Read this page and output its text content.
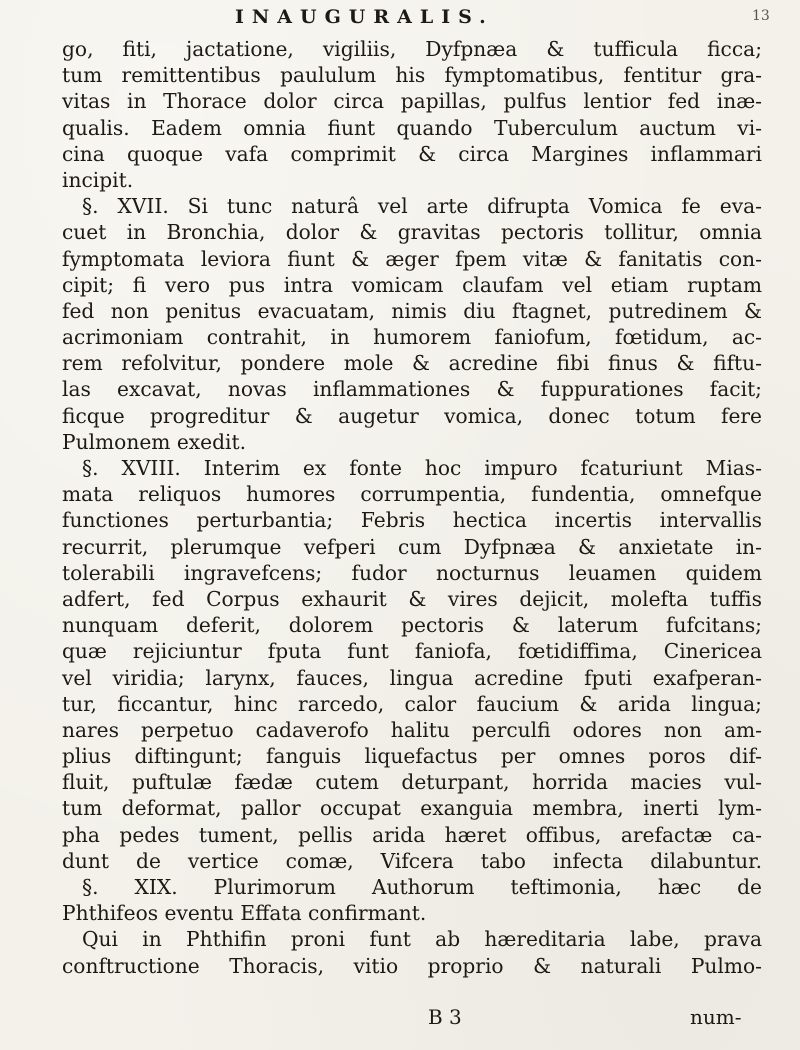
INAUGURALIS.	13
go, fiti, jactatione, vigiliis, Dyfpnæa & tufficula ficca;
tum remittentibus paululum his fymptomatibus, fentitur gra-
vitas in Thorace dolor circa papillas, pulfus lentior fed inæ-
qualis. Eadem omnia fiunt quando Tuberculum auctum vi-
cina quoque vafa comprimit & circa Margines inflammari
incipit.
§. XVII. Si tunc naturâ vel arte difrupta Vomica fe eva-
cuet in Bronchia, dolor & gravitas pectoris tollitur, omnia
fymptomata leviora fiunt & æger fpem vitæ & fanitatis con-
cipit; fi vero pus intra vomicam claufam vel etiam ruptam
fed non penitus evacuatam, nimis diu ftagnet, putredinem &
acrimoniam contrahit, in humorem faniofum, fœtidum, ac-
rem refolvitur, pondere mole & acredine fibi finus & fiftu-
las excavat, novas inflammationes & fuppurationes facit;
ficque progreditur & augetur vomica, donec totum fere
Pulmonem exedit.
§. XVIII. Interim ex fonte hoc impuro fcaturiunt Mias-
mata reliquos humores corrumpentia, fundentia, omnefque
functiones perturbantia; Febris hectica incertis intervallis
recurrit, plerumque vefperi cum Dyfpnæa & anxietate in-
tolerabili ingravefcens; fudor nocturnus leuamen quidem
adfert, fed Corpus exhaurit & vires dejicit, molefta tuffis
nunquam deferit, dolorem pectoris & laterum fufcitans;
quæ rejiciuntur fputa funt faniofa, fœtidiffima, Cinericea
vel viridia; larynx, fauces, lingua acredine fputi exafperan-
tur, ficcantur, hinc rarcedo, calor faucium & arida lingua;
nares perpetuo cadaverofo halitu perculfi odores non am-
plius diftingunt; fanguis liquefactus per omnes poros dif-
fluit, puftulæ fædæ cutem deturpant, horrida macies vul-
tum deformat, pallor occupat exanguia membra, inerti lym-
pha pedes tument, pellis arida hæret offibus, arefactæ ca-
dunt de vertice comæ, Vifcera tabo infecta dilabuntur.
§. XIX. Plurimorum Authorum teftimonia, hæc de
Phthifeos eventu Effata confirmant.
Qui in Phthifin proni funt ab hæreditaria labe, prava
conftructione Thoracis, vitio proprio & naturali Pulmo-
B 3	num-
